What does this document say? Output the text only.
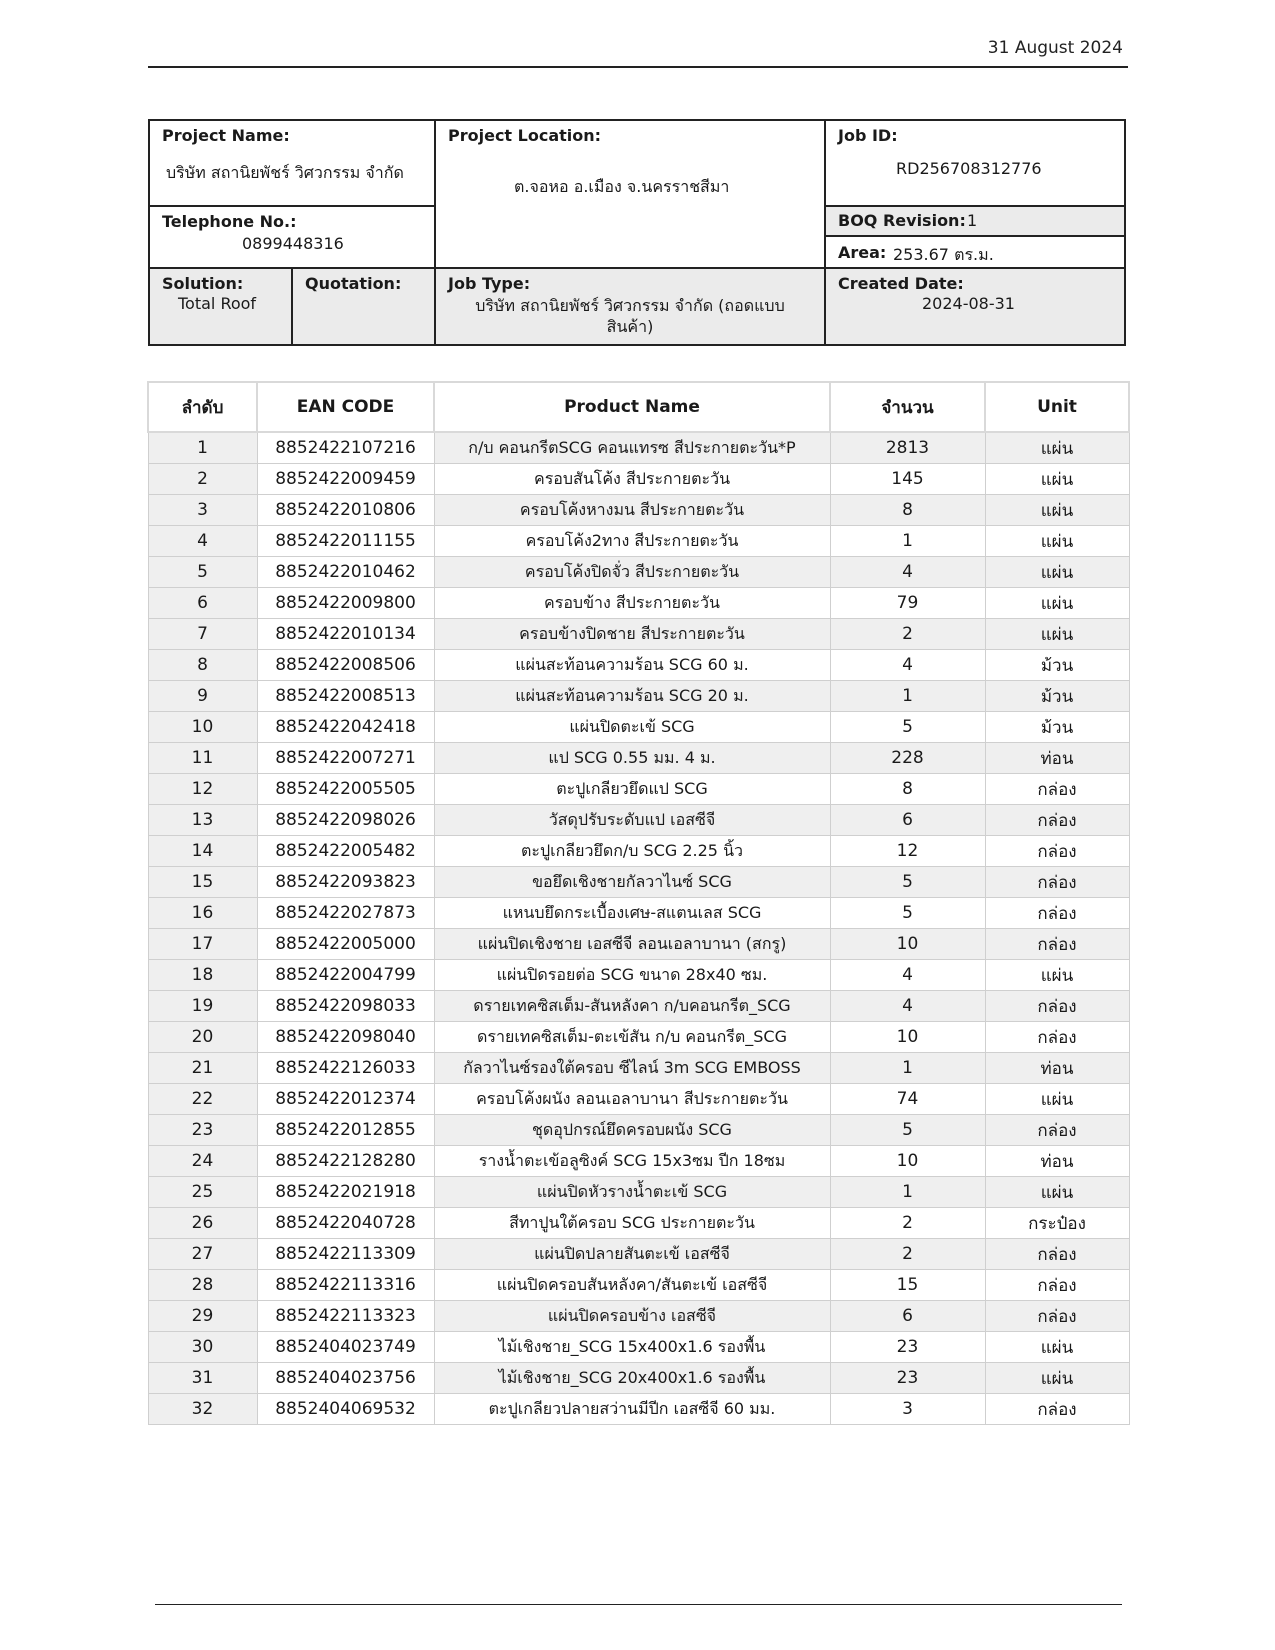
31 August 2024
Project Name:
บริษัท สถานิยพัชร์ วิศวกรรม จำกัด
Project Location:
ต.จอหอ อ.เมือง จ.นครราชสีมา
Job ID:
RD256708312776
Telephone No.:
0899448316
BOQ Revision: 1
Area: 253.67 ตร.ม.
Solution:
Total Roof
Quotation:	Job Type:
บริษัท สถานิยพัชร์ วิศวกรรม จำกัด (ถอดแบบ
สินค้า)
Created Date:
2024-08-31
ลำดับ	EAN CODE	Product Name	จำนวน	Unit
1	8852422107216	ก/บ คอนกรีตSCG คอนแทรซ สีประกายตะวัน*P	2813	แผ่น
2	8852422009459	ครอบสันโค้ง สีประกายตะวัน	145	แผ่น
3	8852422010806	ครอบโค้งหางมน สีประกายตะวัน	8	แผ่น
4	8852422011155	ครอบโค้ง2ทาง สีประกายตะวัน	1	แผ่น
5	8852422010462	ครอบโค้งปิดจั่ว สีประกายตะวัน	4	แผ่น
6	8852422009800	ครอบข้าง สีประกายตะวัน	79	แผ่น
7	8852422010134	ครอบข้างปิดชาย สีประกายตะวัน	2	แผ่น
8	8852422008506	แผ่นสะท้อนความร้อน SCG 60 ม.	4	ม้วน
9	8852422008513	แผ่นสะท้อนความร้อน SCG 20 ม.	1	ม้วน
10	8852422042418	แผ่นปิดตะเข้ SCG	5	ม้วน
11	8852422007271	แป SCG 0.55 มม. 4 ม.	228	ท่อน
12	8852422005505	ตะปูเกลียวยึดแป SCG	8	กล่อง
13	8852422098026	วัสดุปรับระดับแป เอสซีจี	6	กล่อง
14	8852422005482	ตะปูเกลียวยึดก/บ SCG 2.25 นิ้ว	12	กล่อง
15	8852422093823	ขอยึดเชิงชายกัลวาไนซ์ SCG	5	กล่อง
16	8852422027873	แหนบยึดกระเบื้องเศษ-สแตนเลส SCG	5	กล่อง
17	8852422005000	แผ่นปิดเชิงชาย เอสซีจี ลอนเอลาบานา (สกรู)	10	กล่อง
18	8852422004799	แผ่นปิดรอยต่อ SCG ขนาด 28x40 ซม.	4	แผ่น
19	8852422098033	ดรายเทคซิสเต็ม-สันหลังคา ก/บคอนกรีต_SCG	4	กล่อง
20	8852422098040	ดรายเทคซิสเต็ม-ตะเข้สัน ก/บ คอนกรีต_SCG	10	กล่อง
21	8852422126033	กัลวาไนซ์รองใต้ครอบ ซีไลน์ 3m SCG EMBOSS	1	ท่อน
22	8852422012374	ครอบโค้งผนัง ลอนเอลาบานา สีประกายตะวัน	74	แผ่น
23	8852422012855	ชุดอุปกรณ์ยึดครอบผนัง SCG	5	กล่อง
24	8852422128280	รางน้ำตะเข้อลูซิงค์ SCG 15x3ซม ปีก 18ซม	10	ท่อน
25	8852422021918	แผ่นปิดหัวรางน้ำตะเข้ SCG	1	แผ่น
26	8852422040728	สีทาปูนใต้ครอบ SCG ประกายตะวัน	2	กระป๋อง
27	8852422113309	แผ่นปิดปลายสันตะเข้ เอสซีจี	2	กล่อง
28	8852422113316	แผ่นปิดครอบสันหลังคา/สันตะเข้ เอสซีจี	15	กล่อง
29	8852422113323	แผ่นปิดครอบข้าง เอสซีจี	6	กล่อง
30	8852404023749	ไม้เชิงชาย_SCG 15x400x1.6 รองพื้น	23	แผ่น
31	8852404023756	ไม้เชิงชาย_SCG 20x400x1.6 รองพื้น	23	แผ่น
32	8852404069532	ตะปูเกลียวปลายสว่านมีปีก เอสซีจี 60 มม.	3	กล่อง
